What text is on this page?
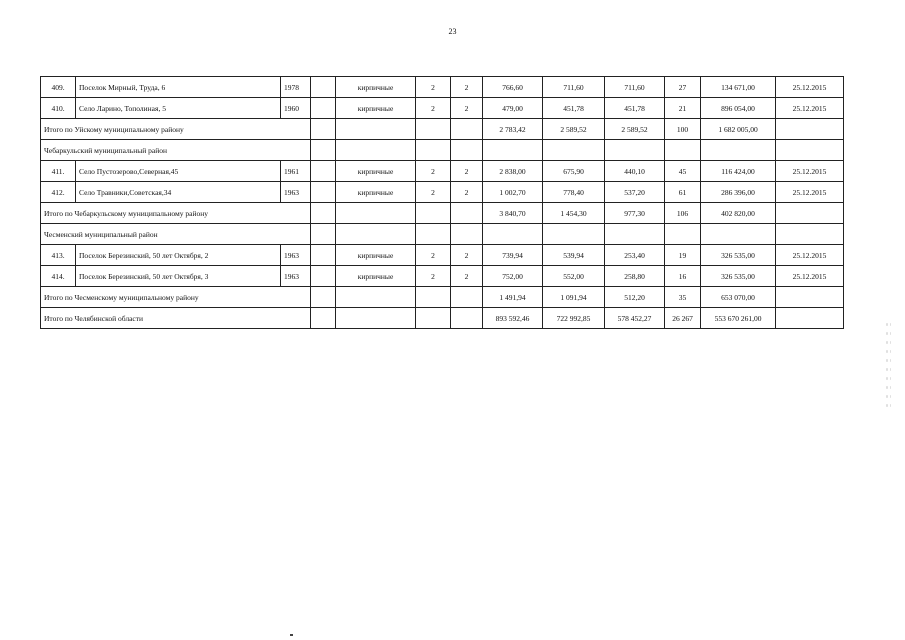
23
409.	Поселок Мирный, Труда, 6	1978		кирпичные	2	2	766,60	711,60	711,60	27	134 671,00	25.12.2015
410.	Село Ларино, Тополиная, 5	1960		кирпичные	2	2	479,00	451,78	451,78	21	896 054,00	25.12.2015
Итого по Уйскому муниципальному району							2 783,42	2 589,52	2 589,52	100	1 682 005,00	
Чебаркульский муниципальный район												
411.	Село Пустозерово,Северная,45	1961		кирпичные	2	2	2 838,00	675,90	440,10	45	116 424,00	25.12.2015
412.	Село Травники,Советская,34	1963		кирпичные	2	2	1 002,70	778,40	537,20	61	286 396,00	25.12.2015
Итого по Чебаркульскому муниципальному району							3 840,70	1 454,30	977,30	106	402 820,00	
Чесменский муниципальный район												
413.	Поселок Березинский, 50 лет Октября, 2	1963		кирпичные	2	2	739,94	539,94	253,40	19	326 535,00	25.12.2015
414.	Поселок Березинский, 50 лет Октября, 3	1963		кирпичные	2	2	752,00	552,00	258,80	16	326 535,00	25.12.2015
Итого по Чесменскому муниципальному району							1 491,94	1 091,94	512,20	35	653 070,00	
Итого по Челябинской области							893 592,46	722 992,85	578 452,27	26 267	553 670 261,00	
